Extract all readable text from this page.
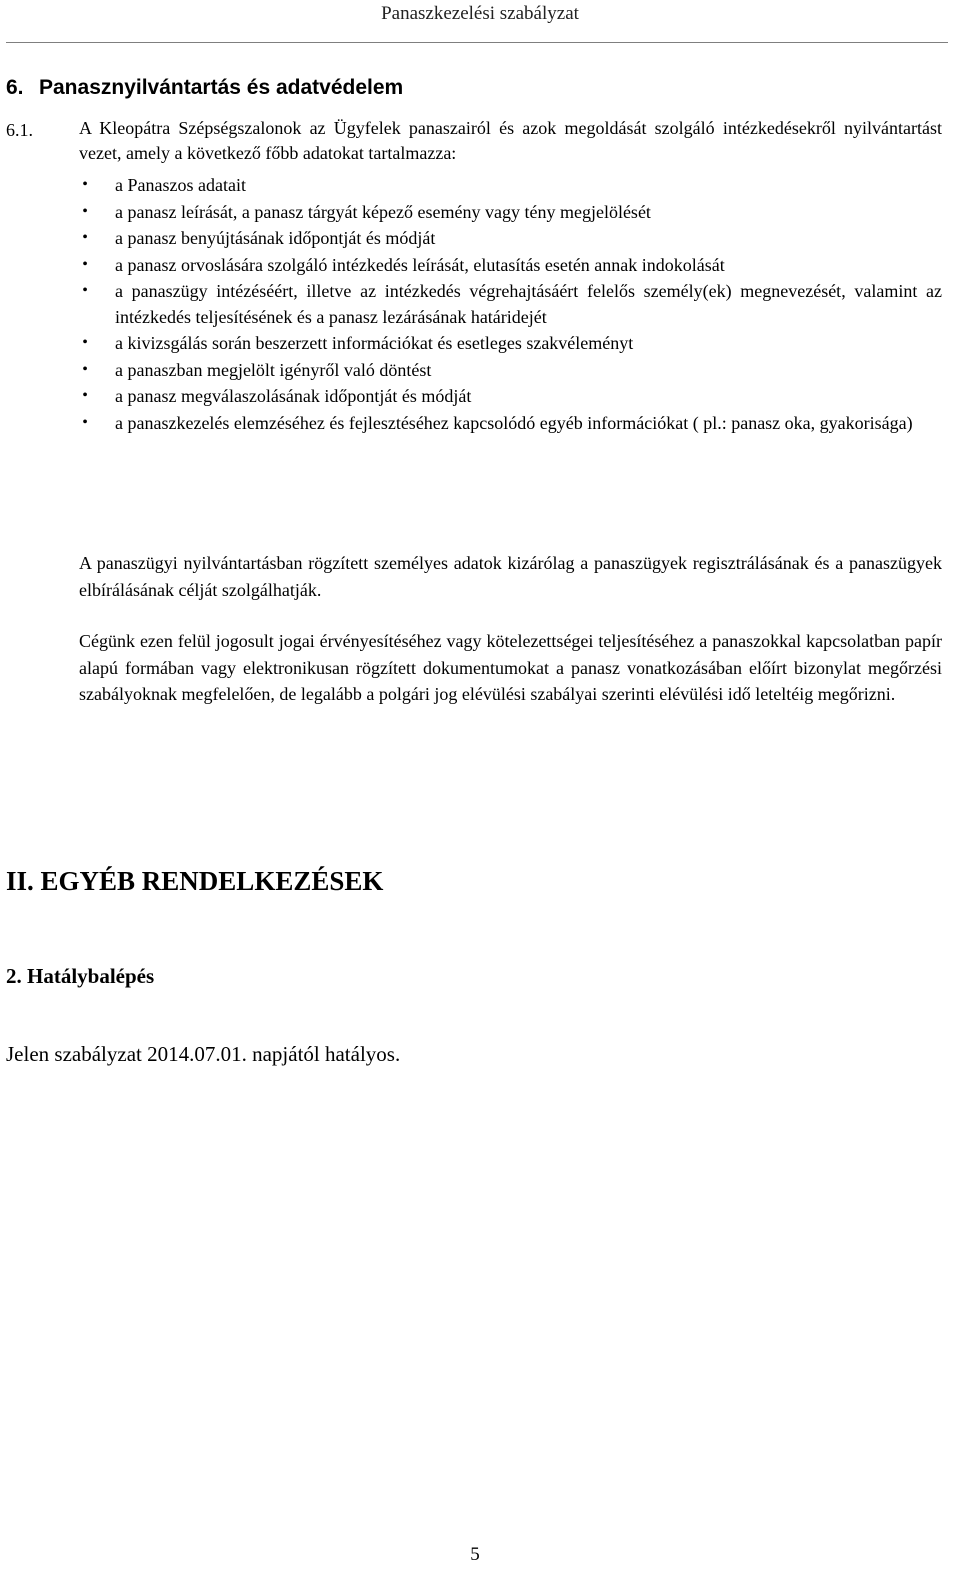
Panaszkezelési szabályzat
6. Panasznyilvántartás és adatvédelem
6.1.	A Kleopátra Szépségszalonok az Ügyfelek panaszairól és azok megoldását szolgáló intézkedésekről nyilvántartást vezet, amely a következő főbb adatokat tartalmazza:
• a Panaszos adatait
• a panasz leírását, a panasz tárgyát képező esemény vagy tény megjelölését
• a panasz benyújtásának időpontját és módját
• a panasz orvoslására szolgáló intézkedés leírását, elutasítás esetén annak indokolását
• a panaszügy intézéséért, illetve az intézkedés végrehajtásáért felelős személy(ek) megnevezését, valamint az intézkedés teljesítésének és a panasz lezárásának határidejét
• a kivizsgálás során beszerzett információkat és esetleges szakvéleményt
• a panaszban megjelölt igényről való döntést
• a panasz megválaszolásának időpontját és módját
• a panaszkezelés elemzéséhez és fejlesztéséhez kapcsolódó egyéb információkat ( pl.: panasz oka, gyakorisága)
A panaszügyi nyilvántartásban rögzített személyes adatok kizárólag a panaszügyek regisztrálásának és a panaszügyek elbírálásának célját szolgálhatják.
Cégünk ezen felül jogosult jogai érvényesítéséhez vagy kötelezettségei teljesítéséhez a panaszokkal kapcsolatban papír alapú formában vagy elektronikusan rögzített dokumentumokat a panasz vonatkozásában előírt bizonylat megőrzési szabályoknak megfelelően, de legalább a polgári jog elévülési szabályai szerinti elévülési idő leteltéig megőrizni.
II. EGYÉB RENDELKEZÉSEK
2. Hatálybalépés
Jelen szabályzat 2014.07.01. napjától hatályos.
5
